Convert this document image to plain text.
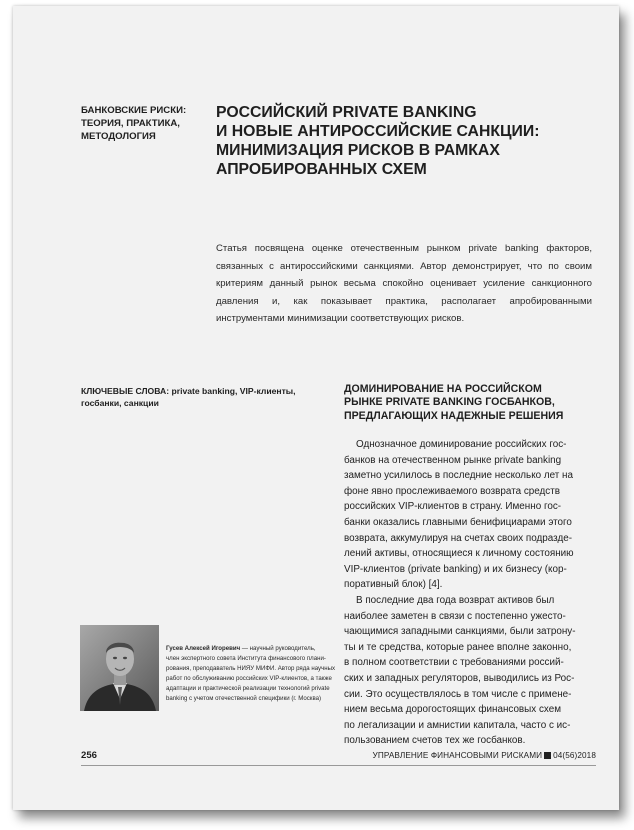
БАНКОВСКИЕ РИСКИ:
ТЕОРИЯ, ПРАКТИКА,
МЕТОДОЛОГИЯ
РОССИЙСКИЙ PRIVATE BANKING
И НОВЫЕ АНТИРОССИЙСКИЕ САНКЦИИ:
МИНИМИЗАЦИЯ РИСКОВ В РАМКАХ
АПРОБИРОВАННЫХ СХЕМ
Статья посвящена оценке отечественным рынком private banking факторов, связанных с антироссийскими санкциями. Автор демонстрирует, что по своим критериям данный рынок весьма спокойно оценивает усиление санкционного давления и, как показывает практика, располагает апробированными инструментами минимизации соответствующих рисков.
КЛЮЧЕВЫЕ СЛОВА: private banking, VIP-клиенты, госбанки, санкции
ДОМИНИРОВАНИЕ НА РОССИЙСКОМ
РЫНКЕ PRIVATE BANKING ГОСБАНКОВ,
ПРЕДЛАГАЮЩИХ НАДЕЖНЫЕ РЕШЕНИЯ

Однозначное доминирование российских гос-
банков на отечественном рынке private banking
заметно усилилось в последние несколько лет на
фоне явно прослеживаемого возврата средств
российских VIP-клиентов в страну. Именно гос-
банки оказались главными бенифициарами этого
возврата, аккумулируя на счетах своих подразде-
лений активы, относящиеся к личному состоянию
VIP-клиентов (private banking) и их бизнесу (кор-
поративный блок) [4].

В последние два года возврат активов был
наиболее заметен в связи с постепенно ужесто-
чающимися западными санкциями, были затрону-
ты и те средства, которые ранее вполне законно,
в полном соответствии с требованиями россий-
ских и западных регуляторов, выводились из Рос-
сии. Это осуществлялось в том числе с примене-
нием весьма дорогостоящих финансовых схем
по легализации и амнистии капитала, часто с ис-
пользованием счетов тех же госбанков.

Гусев Алексей Игоревич — научный руководитель,
член экспертного совета Института финансового плани-
рования, преподаватель НИЯУ МИФИ. Автор ряда научных
работ по обслуживанию российских VIP-клиентов, а также
адаптации и практической реализации технологий private
banking с учетом отечественной специфики (г. Москва)
256	УПРАВЛЕНИЕ ФИНАНСОВЫМИ РИСКАМИ 04(56)2018
